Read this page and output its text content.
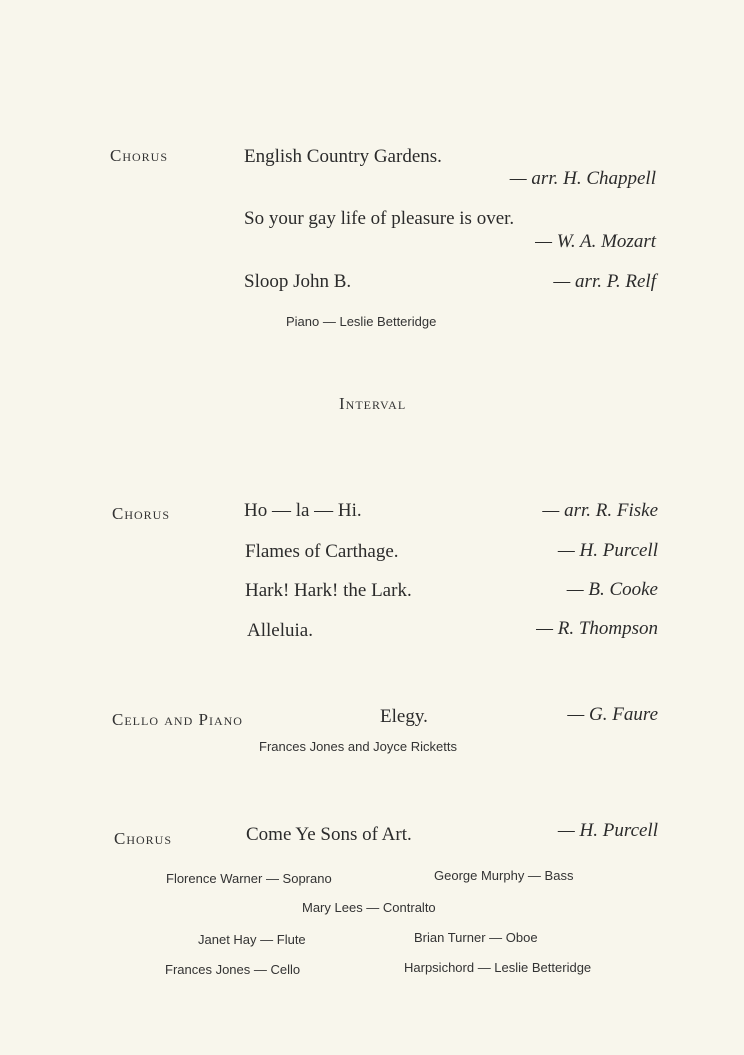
Chorus	English Country Gardens.
— arr. H. Chappell
So your gay life of pleasure is over.
— W. A. Mozart
Sloop John B.	— arr. P. Relf
Piano — Leslie Betteridge
Interval
Chorus	Ho — la — Hi.	— arr. R. Fiske
Flames of Carthage.	— H. Purcell
Hark! Hark! the Lark.	— B. Cooke
Alleluia.	— R. Thompson
Cello and Piano	Elegy.	— G. Faure
Frances Jones and Joyce Ricketts
Chorus	Come Ye Sons of Art.	— H. Purcell
Florence Warner — Soprano	George Murphy — Bass
Mary Lees — Contralto
Janet Hay — Flute	Brian Turner — Oboe
Frances Jones — Cello	Harpsichord — Leslie Betteridge
